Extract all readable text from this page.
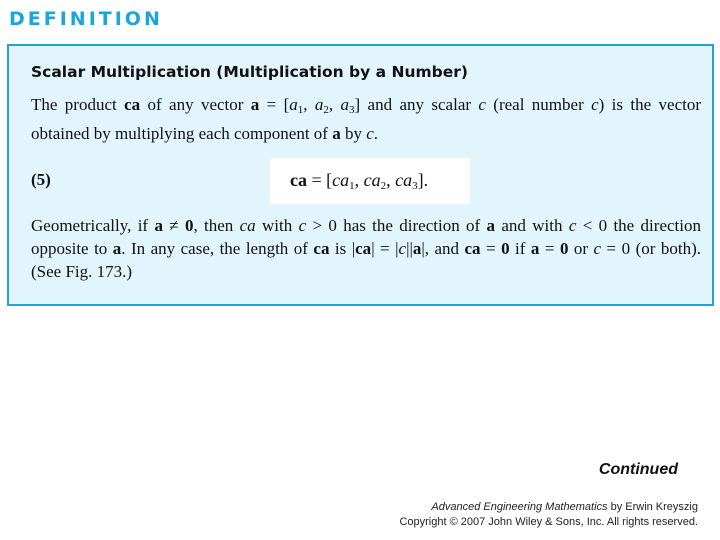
DEFINITION
Scalar Multiplication (Multiplication by a Number)
The product ca of any vector $a = [a_1$, $a_2$, $a_3$] and any scalar c (real number c) is the vector obtained by multiplying each component of a by c.
(5)	ca = [$ca_1$, $ca_2$, $ca_3$].
Geometrically, if a ≠ 0, then ca with c > 0 has the direction of a and with c < 0 the direction opposite to a. In any case, the length of ca is |ca| = |c||a|, and ca = 0 if a = 0 or c = 0 (or both). (See Fig. 173.)
Continued
Advanced Engineering Mathematics by Erwin Kreyszig
Copyright © 2007 John Wiley & Sons, Inc. All rights reserved.
